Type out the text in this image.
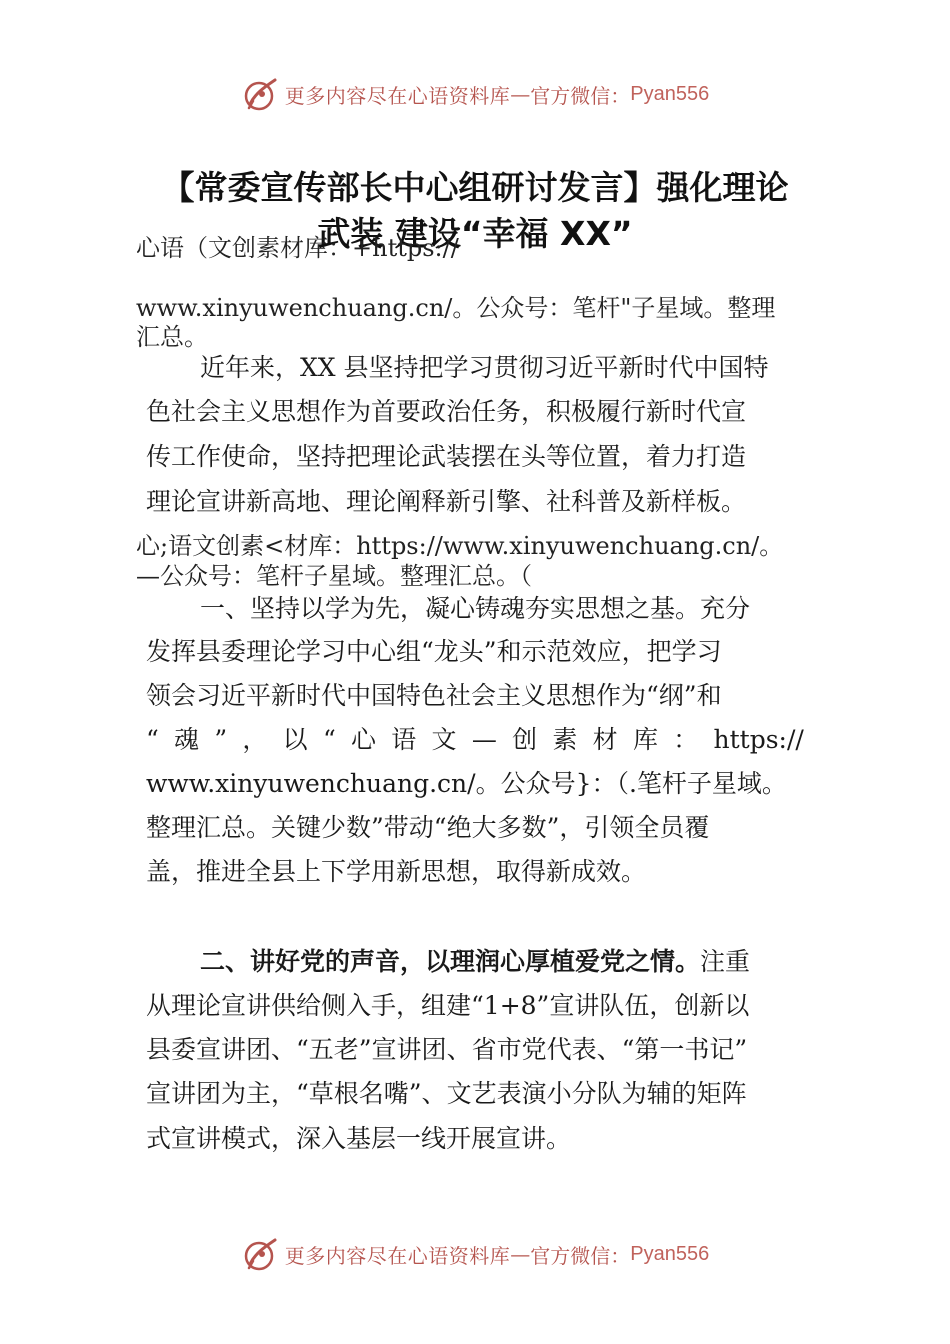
更多内容尽在心语资料库 — 官方微信： Pyan556
【常委宣传部长中心组研讨发言】强化理论
武装 建设“幸福 XX”
心语（文创素材库：+https://
www.xinyuwenchuang.cn/。公众号：笔杆"子星域。整理
汇总。
近年来，XX 县坚持把学习贯彻习近平新时代中国特
色社会主义思想作为首要政治任务，积极履行新时代宣
传工作使命，坚持把理论武装摆在头等位置，着力打造
理论宣讲新高地、理论阐释新引擎、社科普及新样板。
心;语文创素<材库：https://www.xinyuwenchuang.cn/。
—公众号：笔杆子星域。整理汇总。（
一、坚持以学为先，凝心铸魂夯实思想之基。充分
发挥县委理论学习中心组“龙头”和示范效应，把学习
领会习近平新时代中国特色社会主义思想作为“纲”和
“ 魂 ” ， 以 “ 心 语 文 — 创 素 材 库 ： https://
www.xinyuwenchuang.cn/。公众号}：（.笔杆子星域。
整理汇总。关键少数”带动“绝大多数”，引领全员覆
盖，推进全县上下学用新思想，取得新成效。
二、讲好党的声音，以理润心厚植爱党之情。注重
从理论宣讲供给侧入手，组建“1+8”宣讲队伍，创新以
县委宣讲团、“五老”宣讲团、省市党代表、“第一书记”
宣讲团为主，“草根名嘴”、文艺表演小分队为辅的矩阵
式宣讲模式，深入基层一线开展宣讲。
更多内容尽在心语资料库 — 官方微信： Pyan556
